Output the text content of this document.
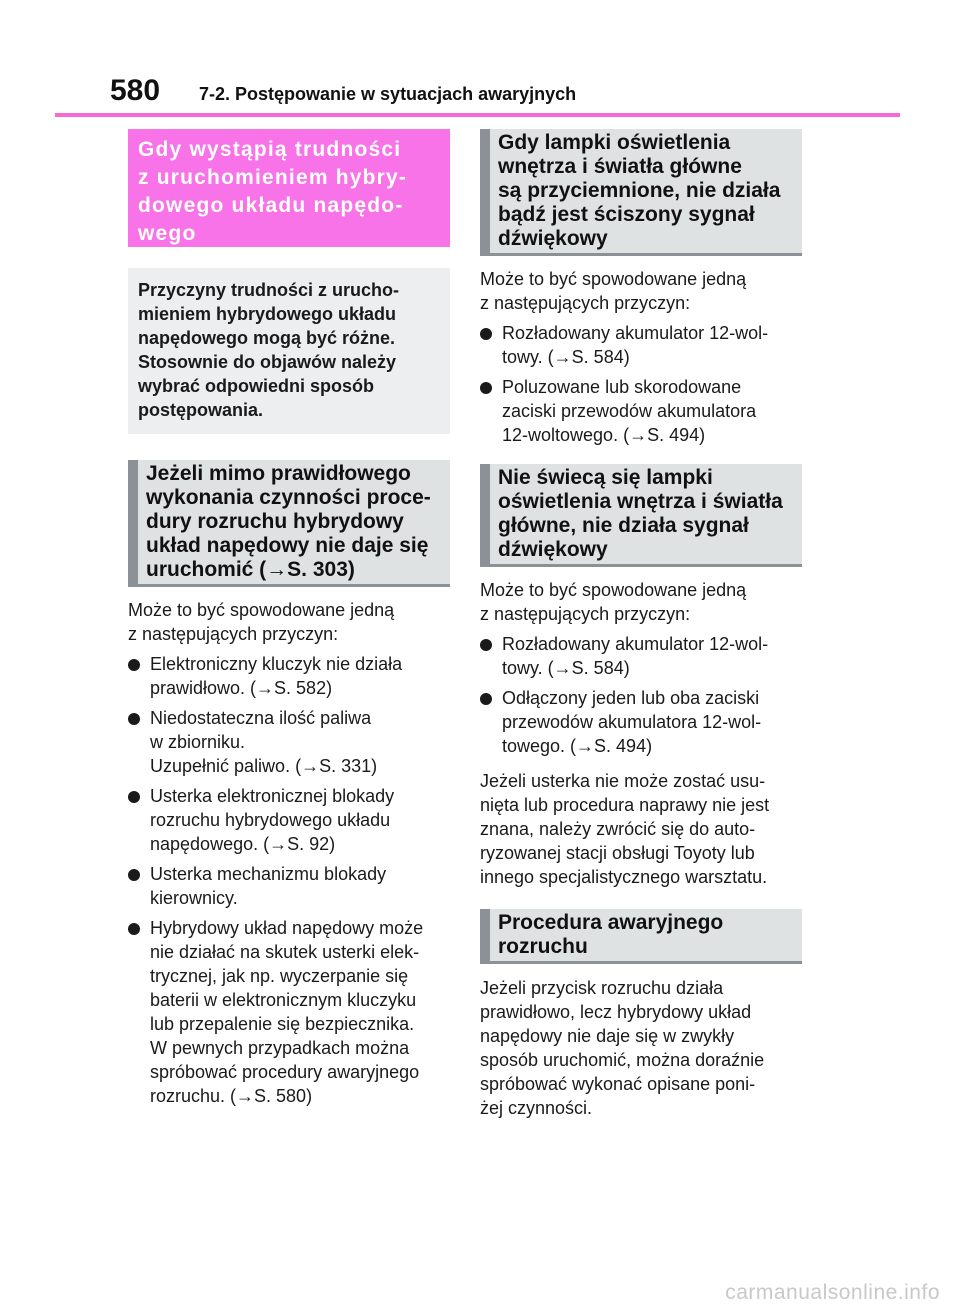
580 7-2. Postępowanie w sytuacjach awaryjnych
Gdy wystąpią trudności
z uruchomieniem hybry-
dowego układu napędo-
wego
Przyczyny trudności z urucho-
mieniem hybrydowego układu
napędowego mogą być różne.
Stosownie do objawów należy
wybrać odpowiedni sposób
postępowania.
Jeżeli mimo prawidłowego
wykonania czynności proce-
dury rozruchu hybrydowy
układ napędowy nie daje się
uruchomić (→S. 303)
Może to być spowodowane jedną
z następujących przyczyn:
Elektroniczny kluczyk nie działa
prawidłowo. (→S. 582)
Niedostateczna ilość paliwa
w zbiorniku.
Uzupełnić paliwo. (→S. 331)
Usterka elektronicznej blokady
rozruchu hybrydowego układu
napędowego. (→S. 92)
Usterka mechanizmu blokady
kierownicy.
Hybrydowy układ napędowy może
nie działać na skutek usterki elek-
trycznej, jak np. wyczerpanie się
baterii w elektronicznym kluczyku
lub przepalenie się bezpiecznika.
W pewnych przypadkach można
spróbować procedury awaryjnego
rozruchu. (→S. 580)
Gdy lampki oświetlenia
wnętrza i światła główne
są przyciemnione, nie działa
bądź jest ściszony sygnał
dźwiękowy
Może to być spowodowane jedną
z następujących przyczyn:
Rozładowany akumulator 12-wol-
towy. (→S. 584)
Poluzowane lub skorodowane
zaciski przewodów akumulatora
12-woltowego. (→S. 494)
Nie świecą się lampki
oświetlenia wnętrza i światła
główne, nie działa sygnał
dźwiękowy
Może to być spowodowane jedną
z następujących przyczyn:
Rozładowany akumulator 12-wol-
towy. (→S. 584)
Odłączony jeden lub oba zaciski
przewodów akumulatora 12-wol-
towego. (→S. 494)
Jeżeli usterka nie może zostać usu-
nięta lub procedura naprawy nie jest
znana, należy zwrócić się do auto-
ryzowanej stacji obsługi Toyoty lub
innego specjalistycznego warsztatu.
Procedura awaryjnego
rozruchu
Jeżeli przycisk rozruchu działa
prawidłowo, lecz hybrydowy układ
napędowy nie daje się w zwykły
sposób uruchomić, można doraźnie
spróbować wykonać opisane poni-
żej czynności.
carmanualsonline.info
